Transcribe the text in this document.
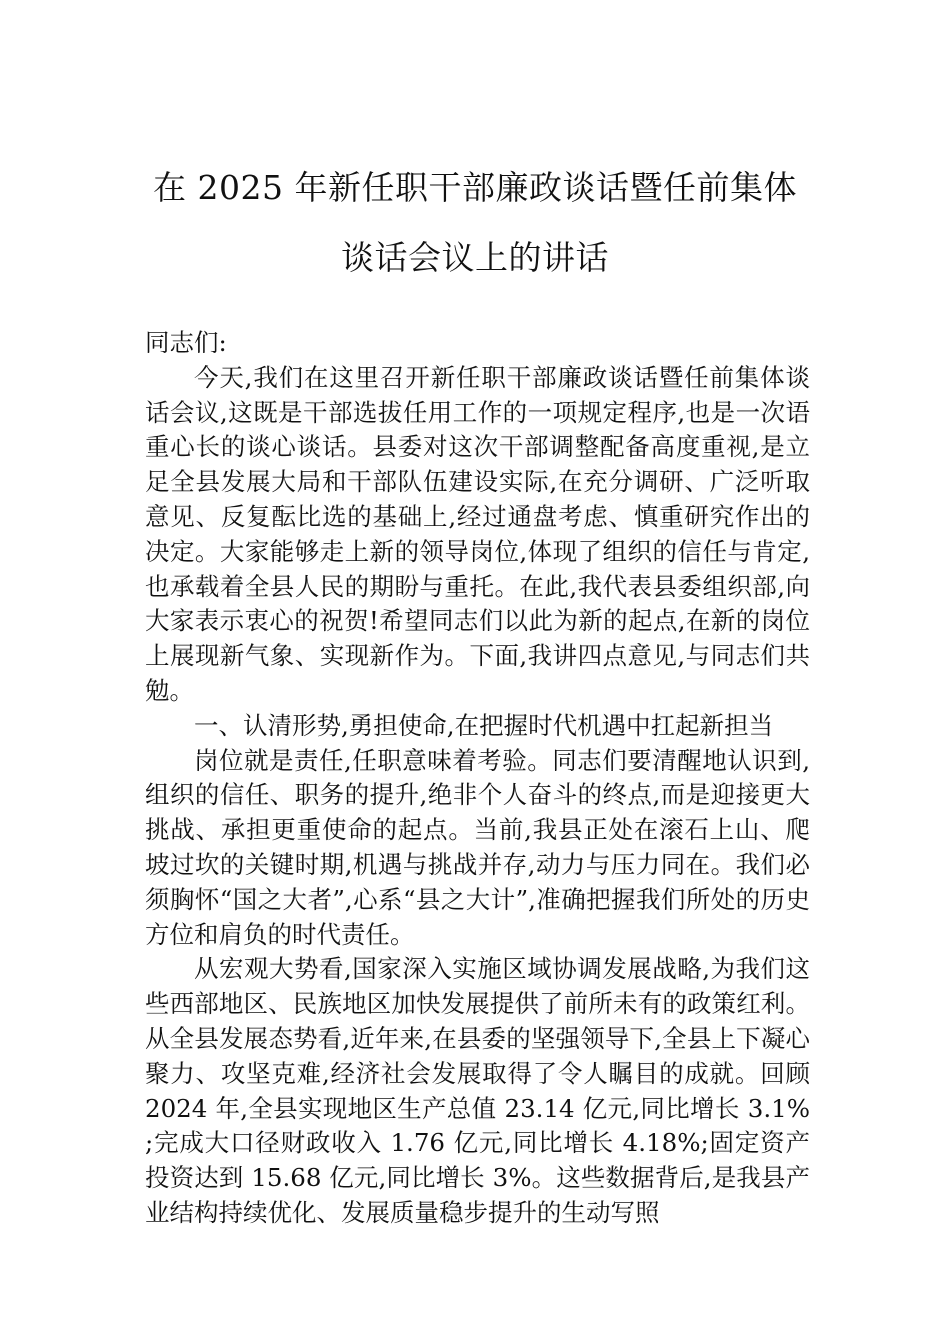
在 2025 年新任职干部廉政谈话暨任前集体
谈话会议上的讲话

同志们:

今天,我们在这里召开新任职干部廉政谈话暨任前集体谈话会议,这既是干部选拔任用工作的一项规定程序,也是一次语重心长的谈心谈话。县委对这次干部调整配备高度重视,是立足全县发展大局和干部队伍建设实际,在充分调研、广泛听取意见、反复酝比选的基础上,经过通盘考虑、慎重研究作出的决定。大家能够走上新的领导岗位,体现了组织的信任与肯定,也承载着全县人民的期盼与重托。在此,我代表县委组织部,向大家表示衷心的祝贺!希望同志们以此为新的起点,在新的岗位上展现新气象、实现新作为。下面,我讲四点意见,与同志们共勉。

一、认清形势,勇担使命,在把握时代机遇中扛起新担当

岗位就是责任,任职意味着考验。同志们要清醒地认识到,组织的信任、职务的提升,绝非个人奋斗的终点,而是迎接更大挑战、承担更重使命的起点。当前,我县正处在滚石上山、爬坡过坎的关键时期,机遇与挑战并存,动力与压力同在。我们必须胸怀“国之大者”,心系“县之大计”,准确把握我们所处的历史方位和肩负的时代责任。

从宏观大势看,国家深入实施区域协调发展战略,为我们这些西部地区、民族地区加快发展提供了前所未有的政策红利。从全县发展态势看,近年来,在县委的坚强领导下,全县上下凝心聚力、攻坚克难,经济社会发展取得了令人瞩目的成就。回顾 2024 年,全县实现地区生产总值 23.14 亿元,同比增长 3.1%;完成大口径财政收入 1.76 亿元,同比增长 4.18%;固定资产投资达到 15.68 亿元,同比增长 3%。这些数据背后,是我县产业结构持续优化、发展质量稳步提升的生动写照
